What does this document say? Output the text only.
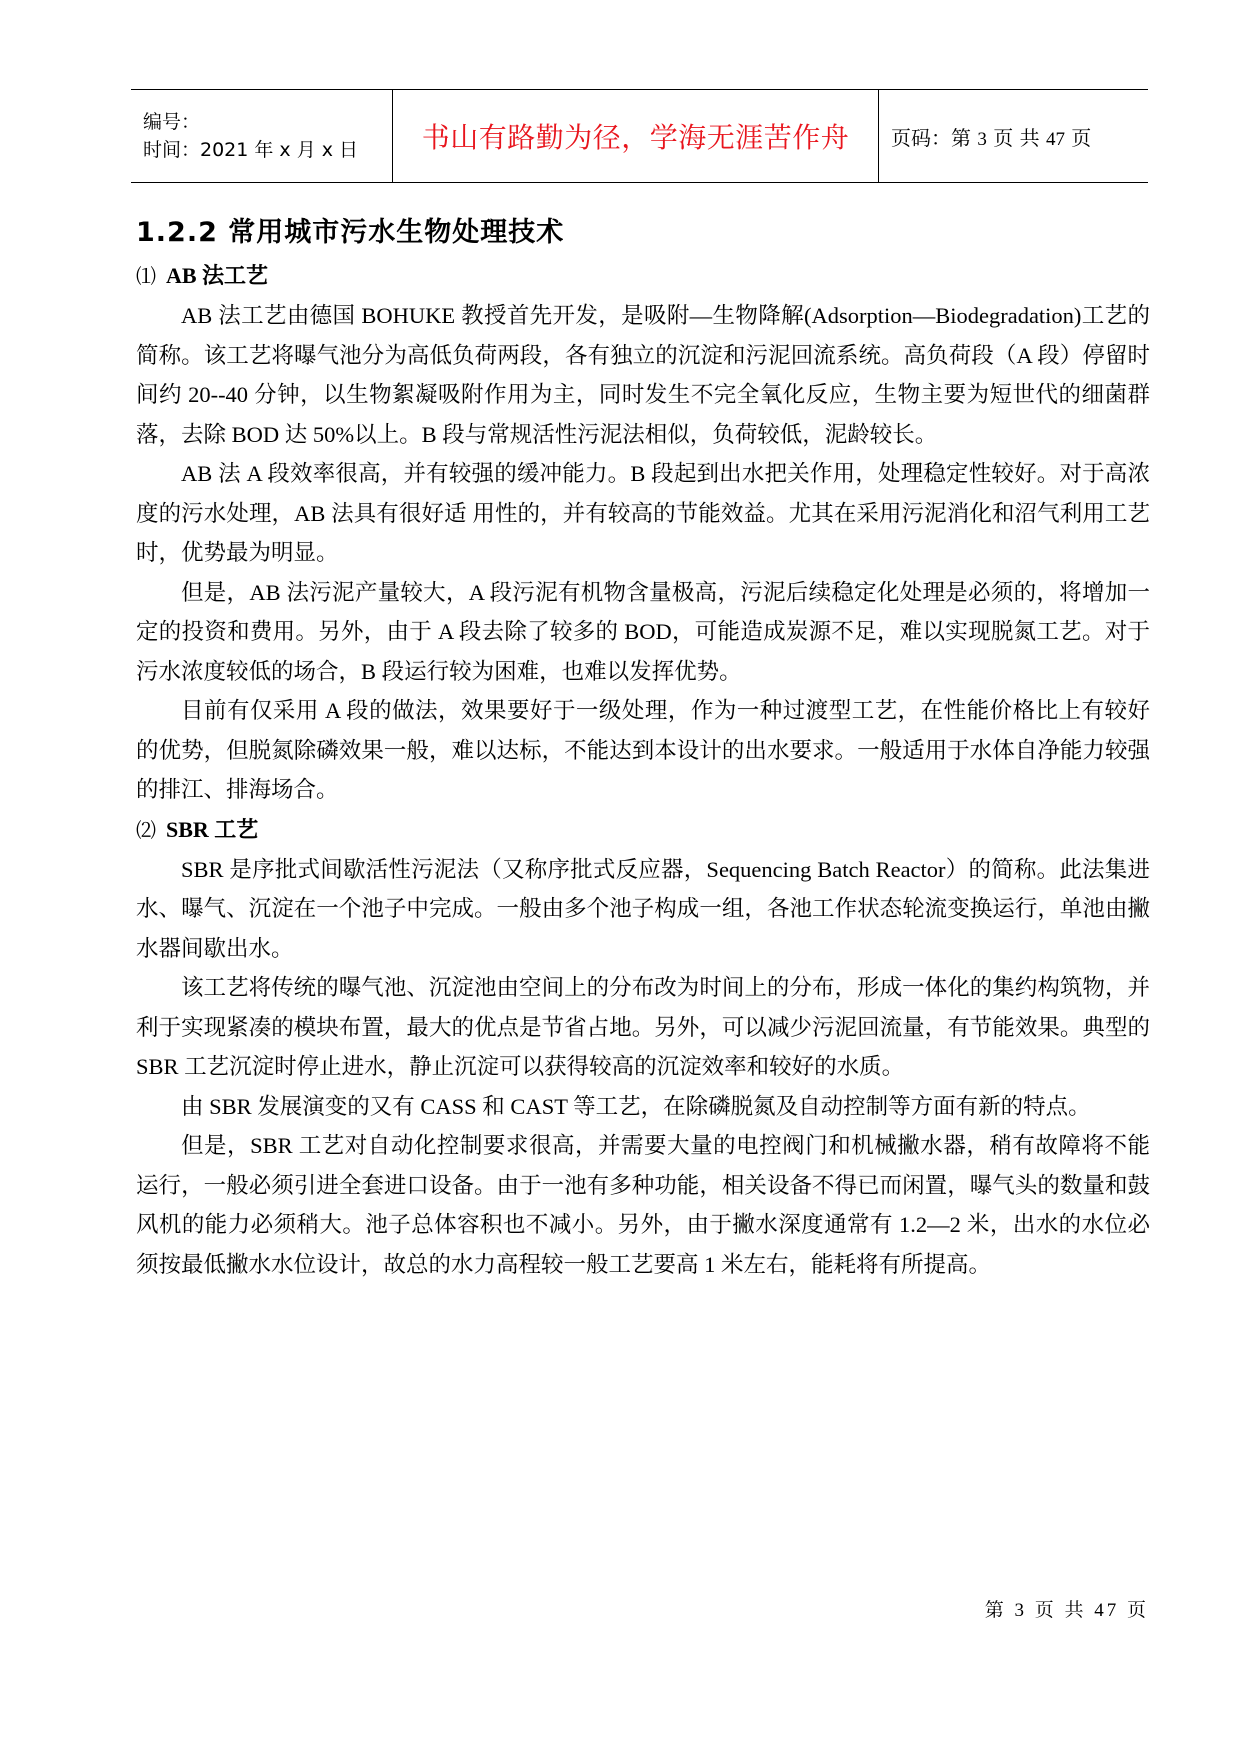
编号：
时间：2021 年 x 月 x 日	书山有路勤为径，学海无涯苦作舟 页码：第 3 页 共 47 页
1.2.2 常用城市污水生物处理技术
⑴ AB 法工艺

AB 法工艺由德国 BOHUKE 教授首先开发，是吸附—生物降解(Adsorption—Biodegradation)工艺的简称。该工艺将曝气池分为高低负荷两段，各有独立的沉淀和污泥回流系统。高负荷段（A 段）停留时间约 20--40 分钟，以生物絮凝吸附作用为主，同时发生不完全氧化反应，生物主要为短世代的细菌群落，去除 BOD 达 50%以上。B 段与常规活性污泥法相似，负荷较低，泥龄较长。

AB 法 A 段效率很高，并有较强的缓冲能力。B 段起到出水把关作用，处理稳定性较好。对于高浓度的污水处理，AB 法具有很好适 用性的，并有较高的节能效益。尤其在采用污泥消化和沼气利用工艺时，优势最为明显。

但是，AB 法污泥产量较大，A 段污泥有机物含量极高，污泥后续稳定化处理是必须的，将增加一定的投资和费用。另外，由于 A 段去除了较多的 BOD，可能造成炭源不足，难以实现脱氮工艺。对于污水浓度较低的场合，B 段运行较为困难，也难以发挥优势。

目前有仅采用 A 段的做法，效果要好于一级处理，作为一种过渡型工艺，在性能价格比上有较好的优势，但脱氮除磷效果一般，难以达标，不能达到本设计的出水要求。一般适用于水体自净能力较强的排江、排海场合。

⑵ SBR 工艺

SBR 是序批式间歇活性污泥法（又称序批式反应器，Sequencing Batch Reactor）的简称。此法集进水、曝气、沉淀在一个池子中完成。一般由多个池子构成一组，各池工作状态轮流变换运行，单池由撇水器间歇出水。

该工艺将传统的曝气池、沉淀池由空间上的分布改为时间上的分布，形成一体化的集约构筑物，并利于实现紧凑的模块布置，最大的优点是节省占地。另外，可以减少污泥回流量，有节能效果。典型的 SBR 工艺沉淀时停止进水，静止沉淀可以获得较高的沉淀效率和较好的水质。

由 SBR 发展演变的又有 CASS 和 CAST 等工艺，在除磷脱氮及自动控制等方面有新的特点。

但是，SBR 工艺对自动化控制要求很高，并需要大量的电控阀门和机械撇水器，稍有故障将不能运行，一般必须引进全套进口设备。由于一池有多种功能，相关设备不得已而闲置，曝气头的数量和鼓风机的能力必须稍大。池子总体容积也不减小。另外，由于撇水深度通常有 1.2—2 米，出水的水位必须按最低撇水水位设计，故总的水力高程较一般工艺要高 1 米左右，能耗将有所提高。

第 3 页 共 47 页
